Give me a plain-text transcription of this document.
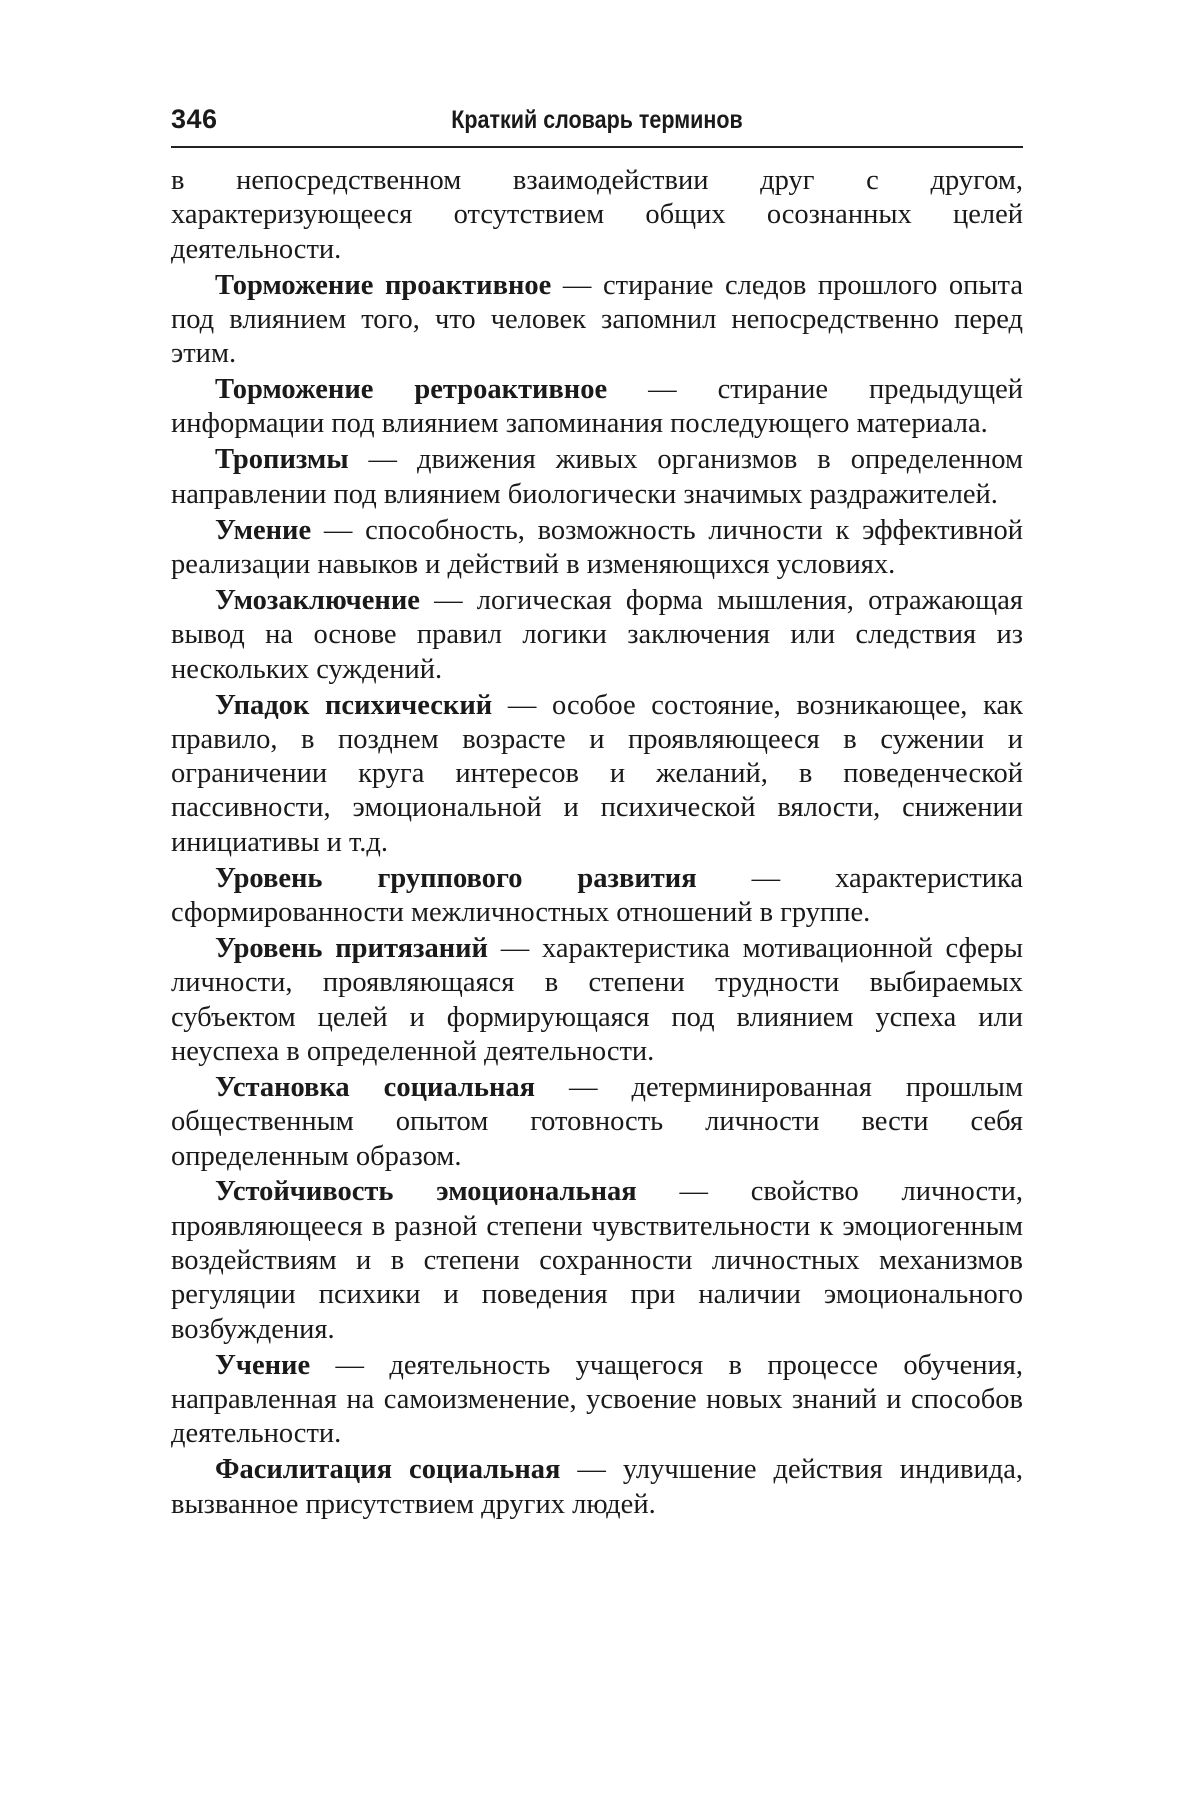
346	Краткий словарь терминов

в непосредственном взаимодействии друг с другом, характеризующееся отсутствием общих осознанных целей деятельности.

Торможение проактивное — стирание следов прошлого опыта под влиянием того, что человек запомнил непосредственно перед этим.

Торможение ретроактивное — стирание предыдущей информации под влиянием запоминания последующего материала.

Тропизмы — движения живых организмов в определенном направлении под влиянием биологически значимых раздражителей.

Умение — способность, возможность личности к эффективной реализации навыков и действий в изменяющихся условиях.

Умозаключение — логическая форма мышления, отражающая вывод на основе правил логики заключения или следствия из нескольких суждений.

Упадок психический — особое состояние, возникающее, как правило, в позднем возрасте и проявляющееся в сужении и ограничении круга интересов и желаний, в поведенческой пассивности, эмоциональной и психической вялости, снижении инициативы и т.д.

Уровень группового развития — характеристика сформированности межличностных отношений в группе.

Уровень притязаний — характеристика мотивационной сферы личности, проявляющаяся в степени трудности выбираемых субъектом целей и формирующаяся под влиянием успеха или неуспеха в определенной деятельности.

Установка социальная — детерминированная прошлым общественным опытом готовность личности вести себя определенным образом.

Устойчивость эмоциональная — свойство личности, проявляющееся в разной степени чувствительности к эмоциогенным воздействиям и в степени сохранности личностных механизмов регуляции психики и поведения при наличии эмоционального возбуждения.

Учение — деятельность учащегося в процессе обучения, направленная на самоизменение, усвоение новых знаний и способов деятельности.

Фасилитация социальная — улучшение действия индивида, вызванное присутствием других людей.
